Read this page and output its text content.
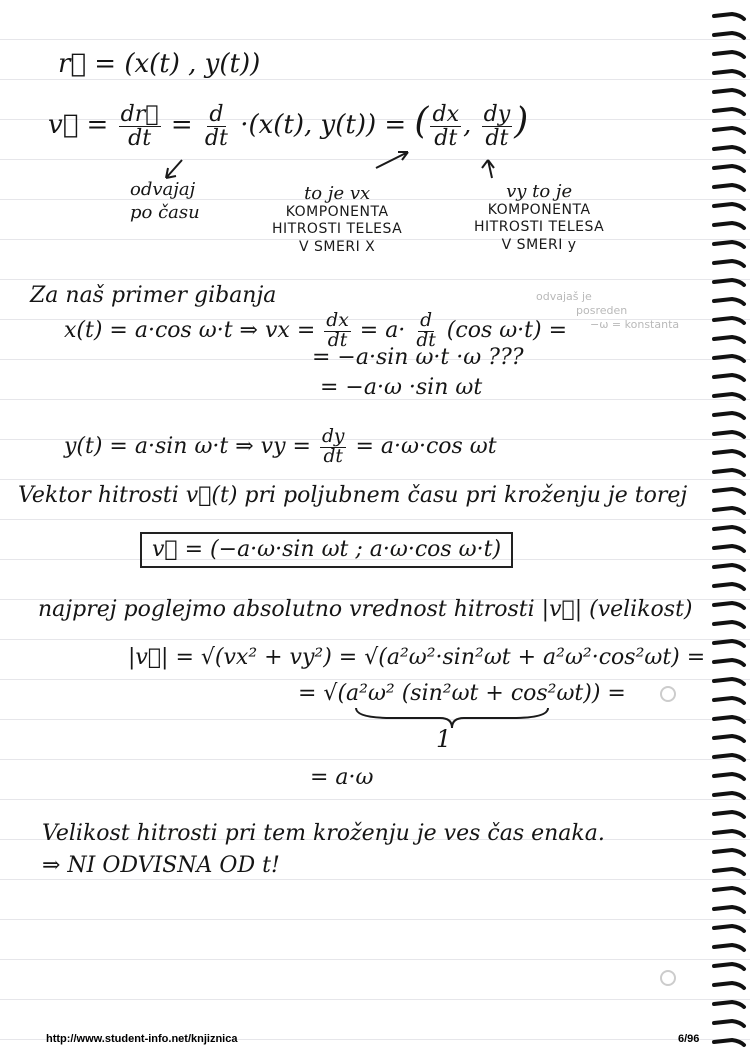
r⃗ = (x(t) , y(t))
v⃗ = $\frac{dr⃗}{dt} = \frac{d}{dt} \cdot(x(t)$, y(t)) = ( $\frac{dx}{dt}$ , $\frac{dy}{dt}$ )
odvajaj
po času
to je vx
KOMPONENTA
HITROSTI TELESA
V SMERI X
vy to je
KOMPONENTA
HITROSTI TELESA
V SMERI y
Za naš primer gibanja
x(t) = a·cos ω·t ⇒ vx = $\frac{dx}{dt} = a\cdot \frac{d}{dt} (\cos$ ω·t) =
= −a·sin ω·t ·ω ???
= −a·ω ·sin ωt
odvajaš je
posreden
−ω = konstanta
y(t) = a·sin ω·t ⇒ vy = $\frac{dy}{dt} = a\cdot\omega\cdot\cos$ ωt
Vektor hitrosti v⃗(t) pri poljubnem času pri kroženju je torej
v⃗ = (−a·ω·sin ωt ; a·ω·cos ω·t)
najprej poglejmo absolutno vrednost hitrosti |v⃗| (velikost)
|v⃗| = √(vx² + vy²) = √(a²ω²·sin²ωt + a²ω²·cos²ωt) =
= √(a²ω² (sin²ωt + cos²ωt)) =
1
= a·ω
Velikost hitrosti pri tem kroženju je ves čas enaka.
⇒ NI ODVISNA OD t!
http://www.student-info.net/knjiznica	6/96
